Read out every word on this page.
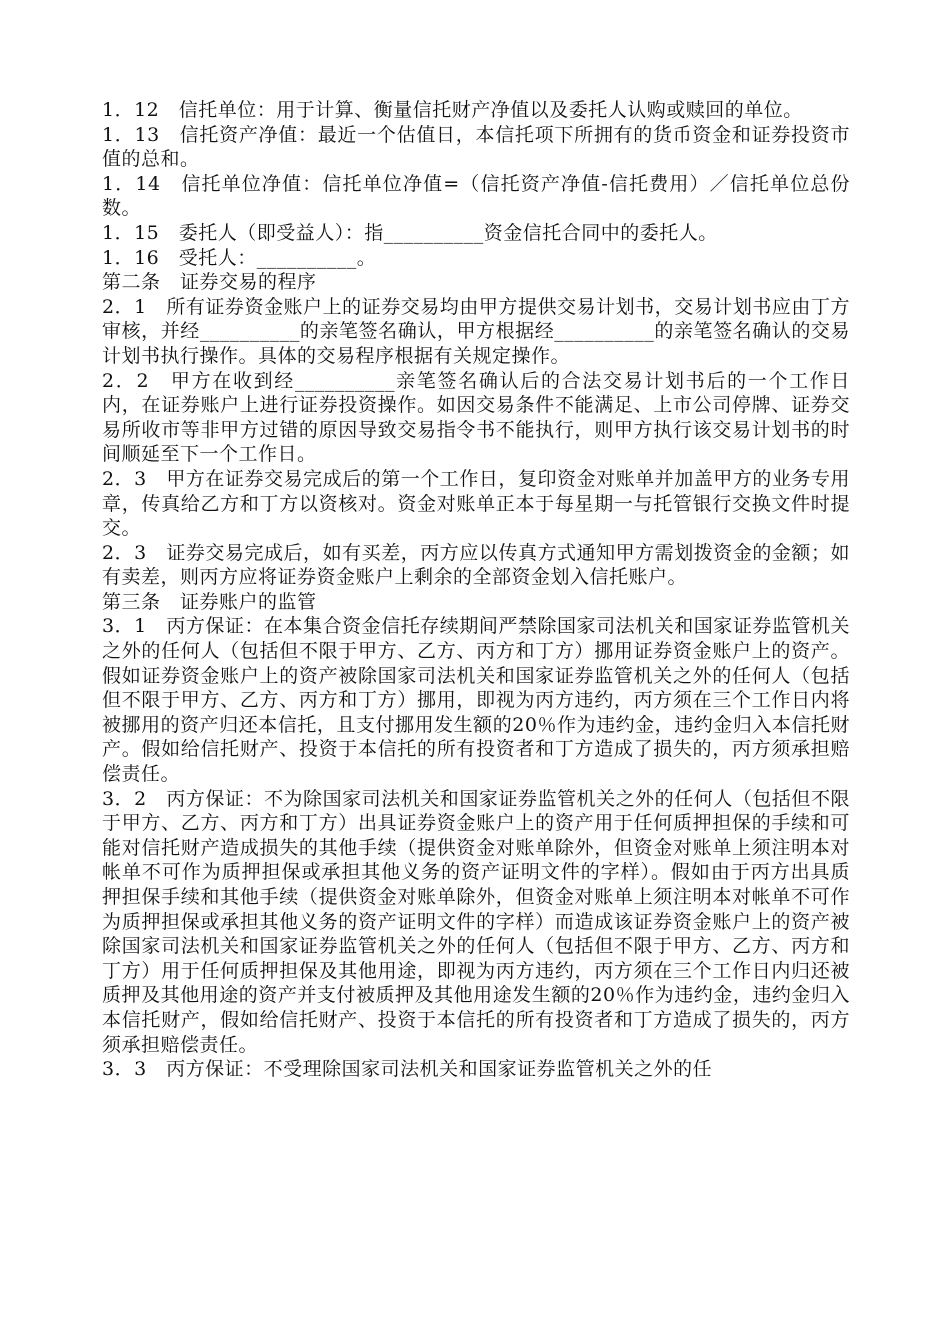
1．12　信托单位：用于计算、衡量信托财产净值以及委托人认购或赎回的单位。

1．13　信托资产净值：最近一个估值日，本信托项下所拥有的货币资金和证券投资市值的总和。

1．14　信托单位净值：信托单位净值=（信托资产净值-信托费用）／信托单位总份数。

1．15　委托人（即受益人）：指__________资金信托合同中的委托人。

1．16　受托人：__________。

第二条　证券交易的程序

2．1　所有证券资金账户上的证券交易均由甲方提供交易计划书，交易计划书应由丁方审核，并经__________的亲笔签名确认，甲方根据经__________的亲笔签名确认的交易计划书执行操作。具体的交易程序根据有关规定操作。

2．2　甲方在收到经__________亲笔签名确认后的合法交易计划书后的一个工作日内，在证券账户上进行证券投资操作。如因交易条件不能满足、上市公司停牌、证券交易所收市等非甲方过错的原因导致交易指令书不能执行，则甲方执行该交易计划书的时间顺延至下一个工作日。

2．3　甲方在证券交易完成后的第一个工作日，复印资金对账单并加盖甲方的业务专用章，传真给乙方和丁方以资核对。资金对账单正本于每星期一与托管银行交换文件时提交。

2．3　证券交易完成后，如有买差，丙方应以传真方式通知甲方需划拨资金的金额；如有卖差，则丙方应将证券资金账户上剩余的全部资金划入信托账户。

第三条　证券账户的监管

3．1　丙方保证：在本集合资金信托存续期间严禁除国家司法机关和国家证券监管机关之外的任何人（包括但不限于甲方、乙方、丙方和丁方）挪用证券资金账户上的资产。假如证券资金账户上的资产被除国家司法机关和国家证券监管机关之外的任何人（包括但不限于甲方、乙方、丙方和丁方）挪用，即视为丙方违约，丙方须在三个工作日内将被挪用的资产归还本信托，且支付挪用发生额的20％作为违约金，违约金归入本信托财产。假如给信托财产、投资于本信托的所有投资者和丁方造成了损失的，丙方须承担赔偿责任。

3．2　丙方保证：不为除国家司法机关和国家证券监管机关之外的任何人（包括但不限于甲方、乙方、丙方和丁方）出具证券资金账户上的资产用于任何质押担保的手续和可能对信托财产造成损失的其他手续（提供资金对账单除外，但资金对账单上须注明本对帐单不可作为质押担保或承担其他义务的资产证明文件的字样）。假如由于丙方出具质押担保手续和其他手续（提供资金对账单除外，但资金对账单上须注明本对帐单不可作为质押担保或承担其他义务的资产证明文件的字样）而造成该证券资金账户上的资产被除国家司法机关和国家证券监管机关之外的任何人（包括但不限于甲方、乙方、丙方和丁方）用于任何质押担保及其他用途，即视为丙方违约，丙方须在三个工作日内归还被质押及其他用途的资产并支付被质押及其他用途发生额的20％作为违约金，违约金归入本信托财产，假如给信托财产、投资于本信托的所有投资者和丁方造成了损失的，丙方须承担赔偿责任。

3．3　丙方保证：不受理除国家司法机关和国家证券监管机关之外的任
